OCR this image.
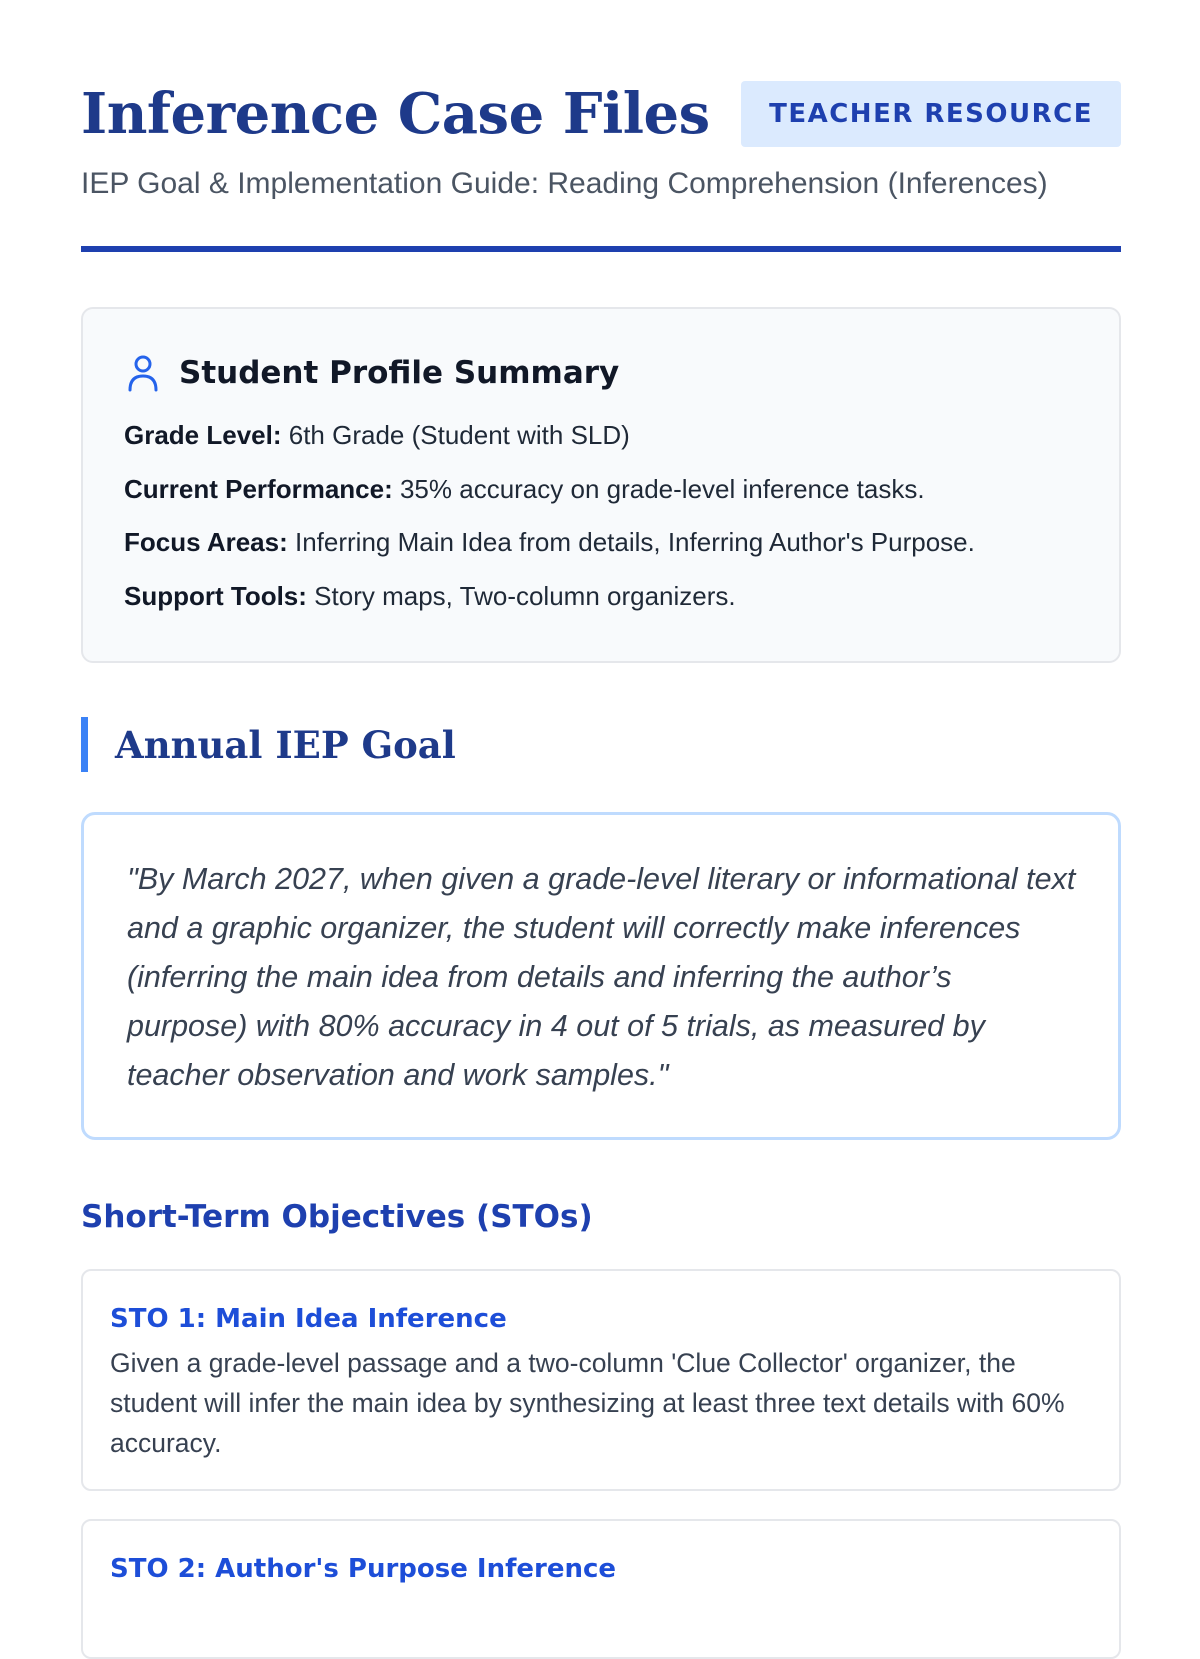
Inference Case Files	TEACHER RESOURCE

IEP Goal & Implementation Guide: Reading Comprehension (Inferences)

Student Profile Summary
Grade Level: 6th Grade (Student with SLD)
Current Performance: 35% accuracy on grade-level inference tasks.
Focus Areas: Inferring Main Idea from details, Inferring Author's Purpose.
Support Tools: Story maps, Two-column organizers.
Annual IEP Goal

"By March 2027, when given a grade-level literary or informational text and a graphic organizer, the student will correctly make inferences (inferring the main idea from details and inferring the author’s purpose) with 80% accuracy in 4 out of 5 trials, as measured by teacher observation and work samples."

Short-Term Objectives (STOs)
STO 1: Main Idea Inference

Given a grade-level passage and a two-column 'Clue Collector' organizer, the student will infer the main idea by synthesizing at least three text details with 60% accuracy.

STO 2: Author's Purpose Inference
